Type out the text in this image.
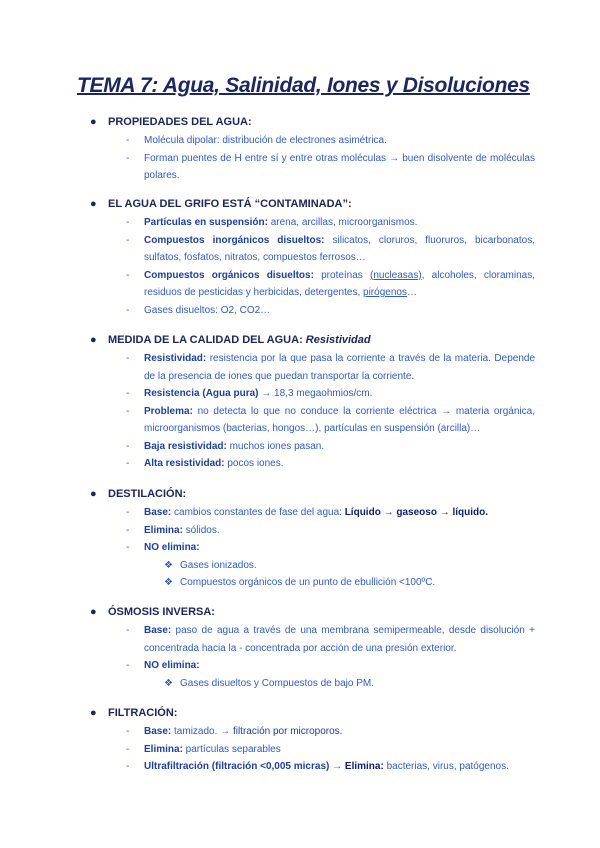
TEMA 7: Agua, Salinidad, Iones y Disoluciones
● PROPIEDADES DEL AGUA:
- Molécula dipolar: distribución de electrones asimétrica.
- Forman puentes de H entre sí y entre otras moléculas → buen disolvente de moléculas polares.
● EL AGUA DEL GRIFO ESTÁ “CONTAMINADA”:
- Partículas en suspensión: arena, arcillas, microorganismos.
- Compuestos inorgánicos disueltos: silicatos, cloruros, fluoruros, bicarbonatos, sulfatos, fosfatos, nitratos, compuestos ferrosos…
- Compuestos orgánicos disueltos: proteínas (nucleasas), alcoholes, cloraminas, residuos de pesticidas y herbicidas, detergentes, pirógenos…
- Gases disueltos: O2, CO2…
● MEDIDA DE LA CALIDAD DEL AGUA: Resistividad
- Resistividad: resistencia por la que pasa la corriente a través de la materia. Depende de la presencia de iones que puedan transportar la corriente.
- Resistencia (Agua pura) → 18,3 megaohmios/cm.
- Problema: no detecta lo que no conduce la corriente eléctrica → materia orgánica, microorganismos (bacterias, hongos…), partículas en suspensión (arcilla)…
- Baja resistividad: muchos iones pasan.
- Alta resistividad: pocos iones.
● DESTILACIÓN:
- Base: cambios constantes de fase del agua: Líquido → gaseoso → líquido.
- Elimina: sólidos.
- NO elimina:
❖ Gases ionizados.
❖ Compuestos orgánicos de un punto de ebullición <100ºC.
● ÓSMOSIS INVERSA:
- Base: paso de agua a través de una membrana semipermeable, desde disolución + concentrada hacia la - concentrada por acción de una presión exterior.
- NO elimina:
❖ Gases disueltos y Compuestos de bajo PM.
● FILTRACIÓN:
- Base: tamizado. → filtración por microporos.
- Elimina: partículas separables
- Ultrafiltración (filtración <0,005 micras) → Elimina: bacterias, virus, patógenos.
